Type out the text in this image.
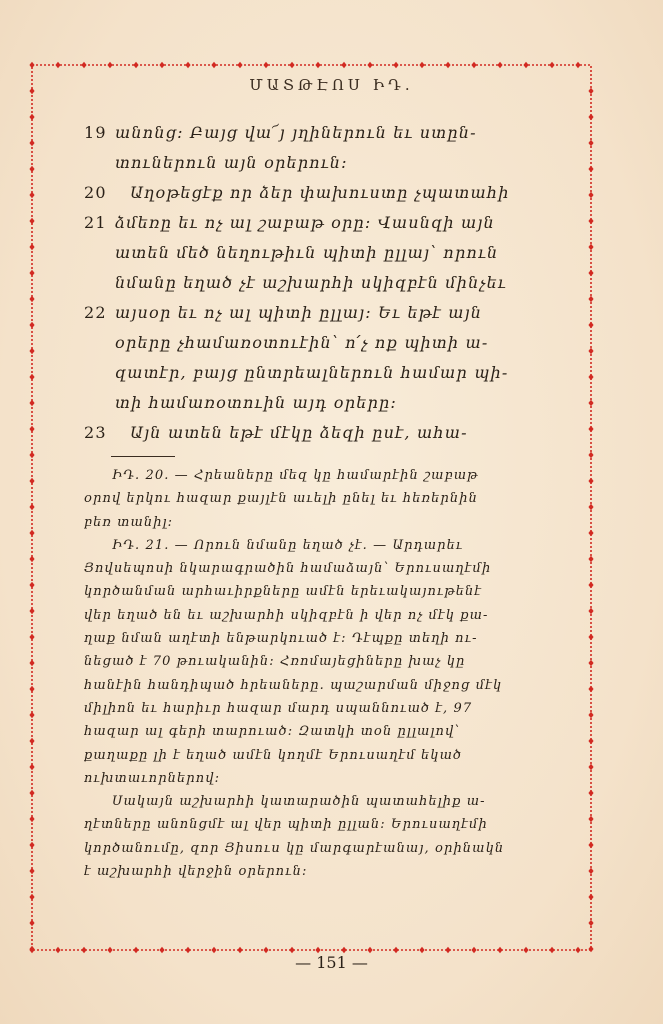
ՄԱՏԹԷՈՍ ԻԴ.
19 անոնց։ Բայց վա՜յ յղիներուն եւ ստըն-
տուներուն այն օրերուն։
20 Աղօթեցէք որ ձեր փախուստը չպատահի
21 ձմեռը եւ ոչ ալ շաբաթ օրը։ Վասնզի այն
ատեն մեծ նեղութիւն պիտի ըլլայ՝ որուն
նմանը եղած չէ աշխարհի սկիզբէն մինչեւ
22 այսօր եւ ոչ ալ պիտի ըլլայ։ Եւ եթէ այն
օրերը չհամառօտուէին՝ ո՛չ ոք պիտի ա-
զատէր, բայց ընտրեալներուն համար պի-
տի համառօտուին այդ օրերը։
23 Այն ատեն եթէ մէկը ձեզի ըսէ, ահա-
ԻԴ. 20. — Հրեաները մեզ կը համարէին շաբաթ
օրով երկու հազար քայլէն աւելի ընել եւ հեռերնին
բեռ տանիլ։
ԻԴ. 21. — Որուն նմանը եղած չէ. — Արդարեւ
Յովսեպոսի նկարագրածին համաձայն՝ Երուսաղէմի
կործանման արհաւիրքները ամէն երեւակայութենէ
վեր եղած են եւ աշխարհի սկիզբէն ի վեր ոչ մէկ քա-
ղաք նման աղէտի ենթարկուած է։ Դէպքը տեղի ու-
նեցած է 70 թուականին։ Հռոմայեցիները խաչ կը
հանէին հանդիպած հրեաները. պաշարման միջոց մէկ
միլիոն եւ հարիւր հազար մարդ սպաննուած է, 97
հազար ալ գերի տարուած։ Զատկի տօն ըլլալով՝
քաղաքը լի է եղած ամէն կողմէ Երուսաղէմ եկած
ուխտաւորներով։
Սակայն աշխարհի կատարածին պատահելիք ա-
ղէտները անոնցմէ ալ վեր պիտի ըլլան։ Երուսաղէմի
կործանումը, զոր Յիսուս կը մարգարէանայ, օրինակն
է աշխարհի վերջին օրերուն։
— 151 —
